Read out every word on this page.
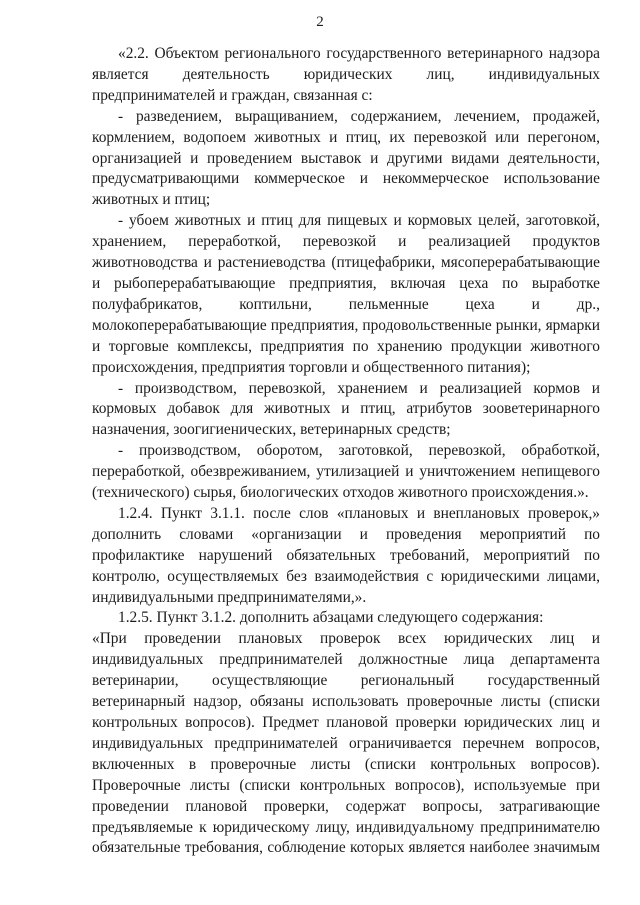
2

«2.2. Объектом регионального государственного ветеринарного надзора является деятельность юридических лиц, индивидуальных предпринимателей и граждан, связанная с:

- разведением, выращиванием, содержанием, лечением, продажей, кормлением, водопоем животных и птиц, их перевозкой или перегоном, организацией и проведением выставок и другими видами деятельности, предусматривающими коммерческое и некоммерческое использование животных и птиц;

- убоем животных и птиц для пищевых и кормовых целей, заготовкой, хранением, переработкой, перевозкой и реализацией продуктов животноводства и растениеводства (птицефабрики, мясоперерабатывающие и рыбоперерабатывающие предприятия, включая цеха по выработке полуфабрикатов, коптильни, пельменные цеха и др., молокоперерабатывающие предприятия, продовольственные рынки, ярмарки и торговые комплексы, предприятия по хранению продукции животного происхождения, предприятия торговли и общественного питания);

- производством, перевозкой, хранением и реализацией кормов и кормовых добавок для животных и птиц, атрибутов зооветеринарного назначения, зоогигиенических, ветеринарных средств;

- производством, оборотом, заготовкой, перевозкой, обработкой, переработкой, обезвреживанием, утилизацией и уничтожением непищевого (технического) сырья, биологических отходов животного происхождения.».

1.2.4. Пункт 3.1.1. после слов «плановых и внеплановых проверок,» дополнить словами «организации и проведения мероприятий по профилактике нарушений обязательных требований, мероприятий по контролю, осуществляемых без взаимодействия с юридическими лицами, индивидуальными предпринимателями,».

1.2.5. Пункт 3.1.2. дополнить абзацами следующего содержания:

«При проведении плановых проверок всех юридических лиц и индивидуальных предпринимателей должностные лица департамента ветеринарии, осуществляющие региональный государственный ветеринарный надзор, обязаны использовать проверочные листы (списки контрольных вопросов). Предмет плановой проверки юридических лиц и индивидуальных предпринимателей ограничивается перечнем вопросов, включенных в проверочные листы (списки контрольных вопросов). Проверочные листы (списки контрольных вопросов), используемые при проведении плановой проверки, содержат вопросы, затрагивающие предъявляемые к юридическому лицу, индивидуальному предпринимателю обязательные требования, соблюдение которых является наиболее значимым
